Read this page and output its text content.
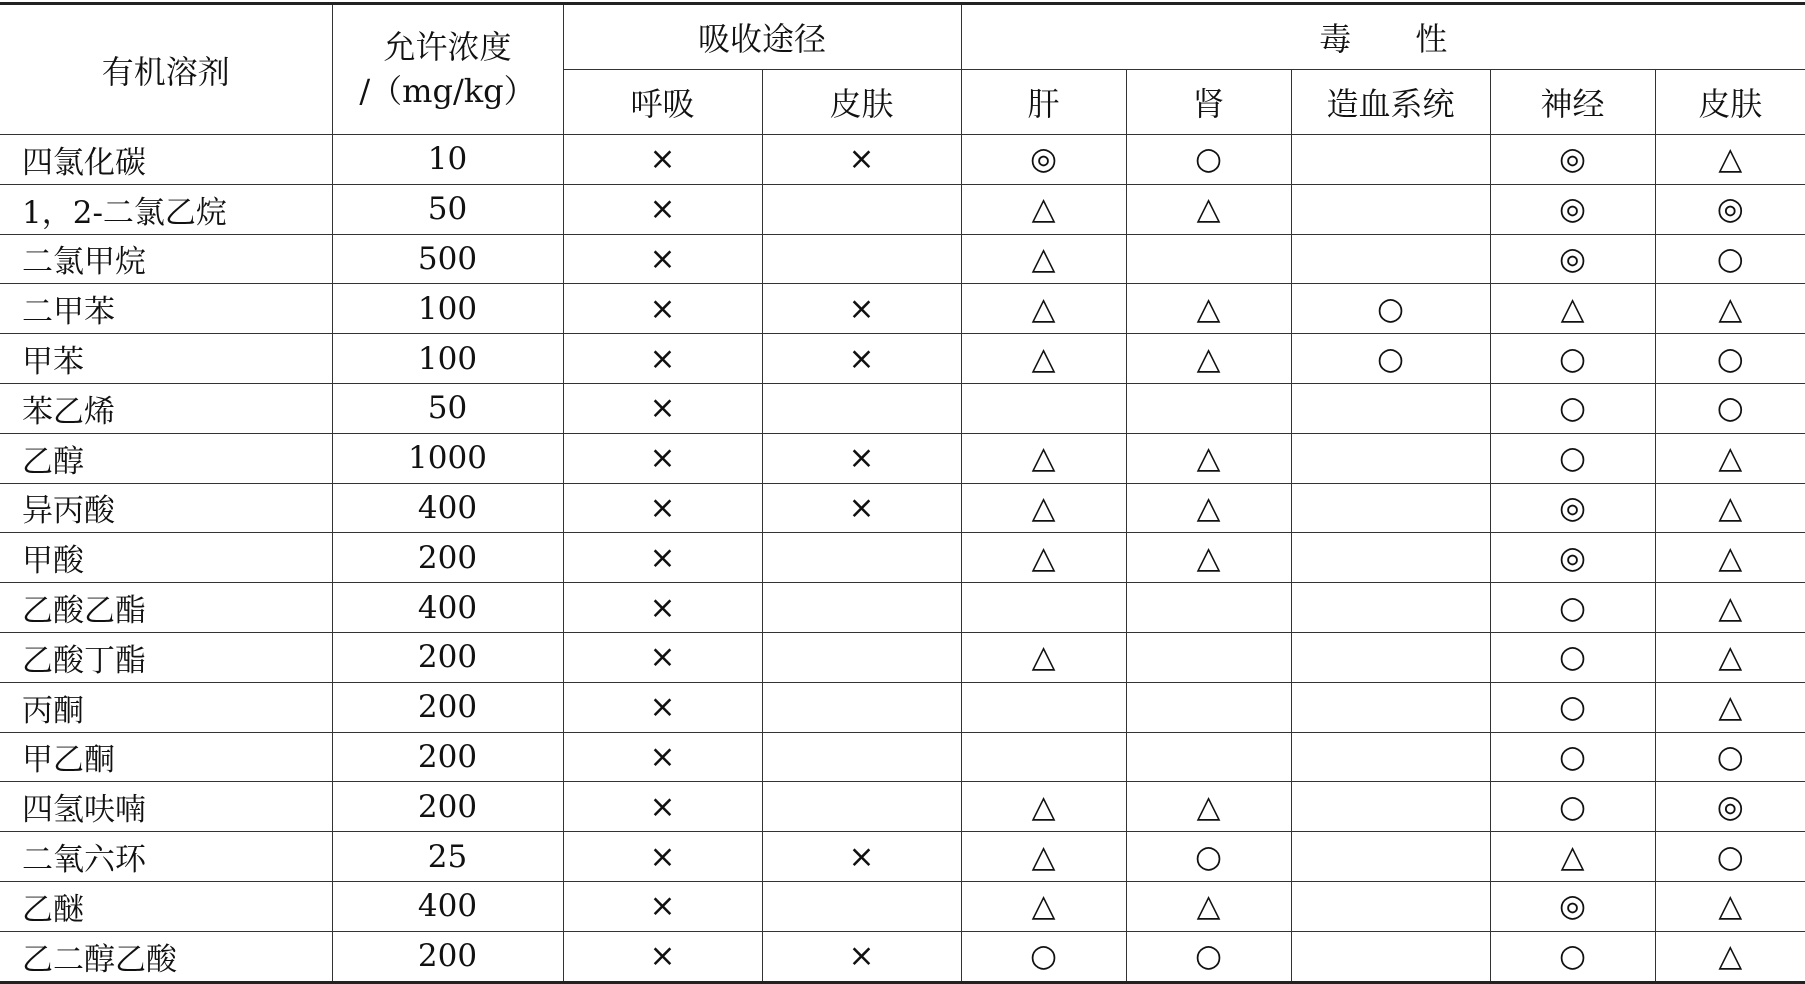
有机溶剂	允许浓度
/（mg/kg）	吸收途径		毒　　性				
		呼吸	皮肤	肝	肾	造血系统	神经	皮肤
四氯化碳	10	×	×	◎	○		◎	△
1，2-二氯乙烷	50	×		△	△		◎	◎
二氯甲烷	500	×		△			◎	○
二甲苯	100	×	×	△	△	○	△	△
甲苯	100	×	×	△	△	○	○	○
苯乙烯	50	×					○	○
乙醇	1000	×	×	△	△		○	△
异丙酸	400	×	×	△	△		◎	△
甲酸	200	×		△	△		◎	△
乙酸乙酯	400	×					○	△
乙酸丁酯	200	×		△			○	△
丙酮	200	×					○	△
甲乙酮	200	×					○	○
四氢呋喃	200	×		△	△		○	◎
二氧六环	25	×	×	△	○		△	○
乙醚	400	×		△	△		◎	△
乙二醇乙酸	200	×	×	○	○		○	△
